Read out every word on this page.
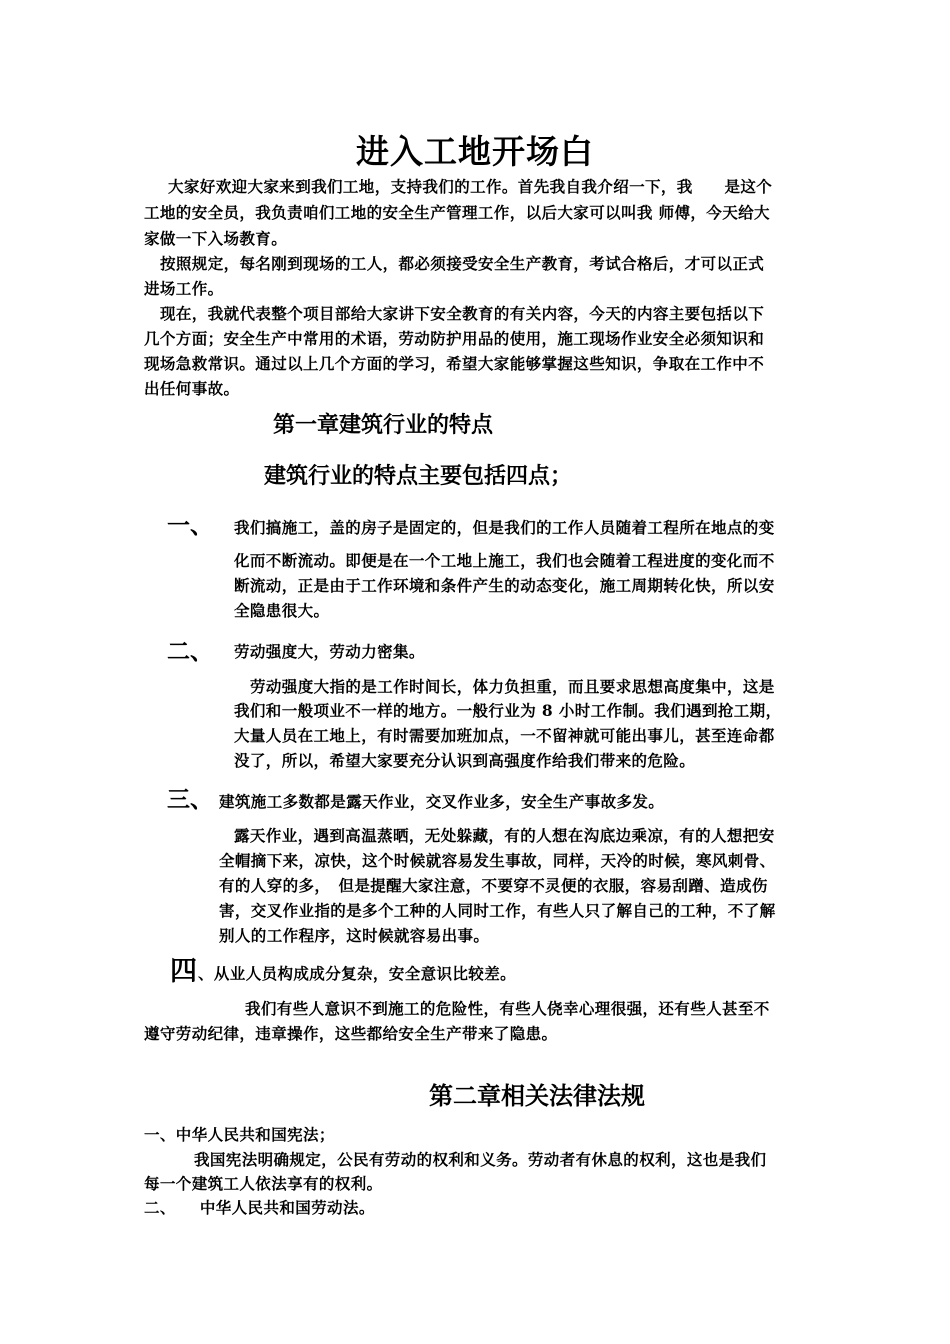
进入工地开场白
大家好欢迎大家来到我们工地，支持我们的工作。首先我自我介绍一下，我　　是这个
工地的安全员，我负责咱们工地的安全生产管理工作，以后大家可以叫我 师傅，今天给大
家做一下入场教育。
按照规定，每名刚到现场的工人，都必须接受安全生产教育，考试合格后，才可以正式
进场工作。
现在，我就代表整个项目部给大家讲下安全教育的有关内容，今天的内容主要包括以下
几个方面；安全生产中常用的术语，劳动防护用品的使用，施工现场作业安全必须知识和
现场急救常识。通过以上几个方面的学习，希望大家能够掌握这些知识，争取在工作中不
出任何事故。
第一章建筑行业的特点
建筑行业的特点主要包括四点；
一、 我们搞施工，盖的房子是固定的，但是我们的工作人员随着工程所在地点的变
化而不断流动。即便是在一个工地上施工，我们也会随着工程进度的变化而不
断流动，正是由于工作环境和条件产生的动态变化，施工周期转化快，所以安
全隐患很大。
二、 劳动强度大，劳动力密集。
劳动强度大指的是工作时间长，体力负担重，而且要求思想高度集中，这是
我们和一般项业不一样的地方。一般行业为 8 小时工作制。我们遇到抢工期，
大量人员在工地上，有时需要加班加点，一不留神就可能出事儿，甚至连命都
没了，所以，希望大家要充分认识到高强度作给我们带来的危险。
三、 建筑施工多数都是露天作业，交叉作业多，安全生产事故多发。
露天作业，遇到高温蒸晒，无处躲藏，有的人想在沟底边乘凉，有的人想把安
全帽摘下来，凉快，这个时候就容易发生事故，同样，天冷的时候，寒风刺骨、
有的人穿的多，　但是提醒大家注意，不要穿不灵便的衣服，容易刮蹭、造成伤
害，交叉作业指的是多个工种的人同时工作，有些人只了解自己的工种，不了解
别人的工作程序，这时候就容易出事。
四 、从业人员构成成分复杂，安全意识比较差。
我们有些人意识不到施工的危险性，有些人侥幸心理很强，还有些人甚至不
遵守劳动纪律，违章操作，这些都给安全生产带来了隐患。
第二章相关法律法规
一、中华人民共和国宪法；
我国宪法明确规定，公民有劳动的权利和义务。劳动者有休息的权利，这也是我们
每一个建筑工人依法享有的权利。
二、　　中华人民共和国劳动法。
